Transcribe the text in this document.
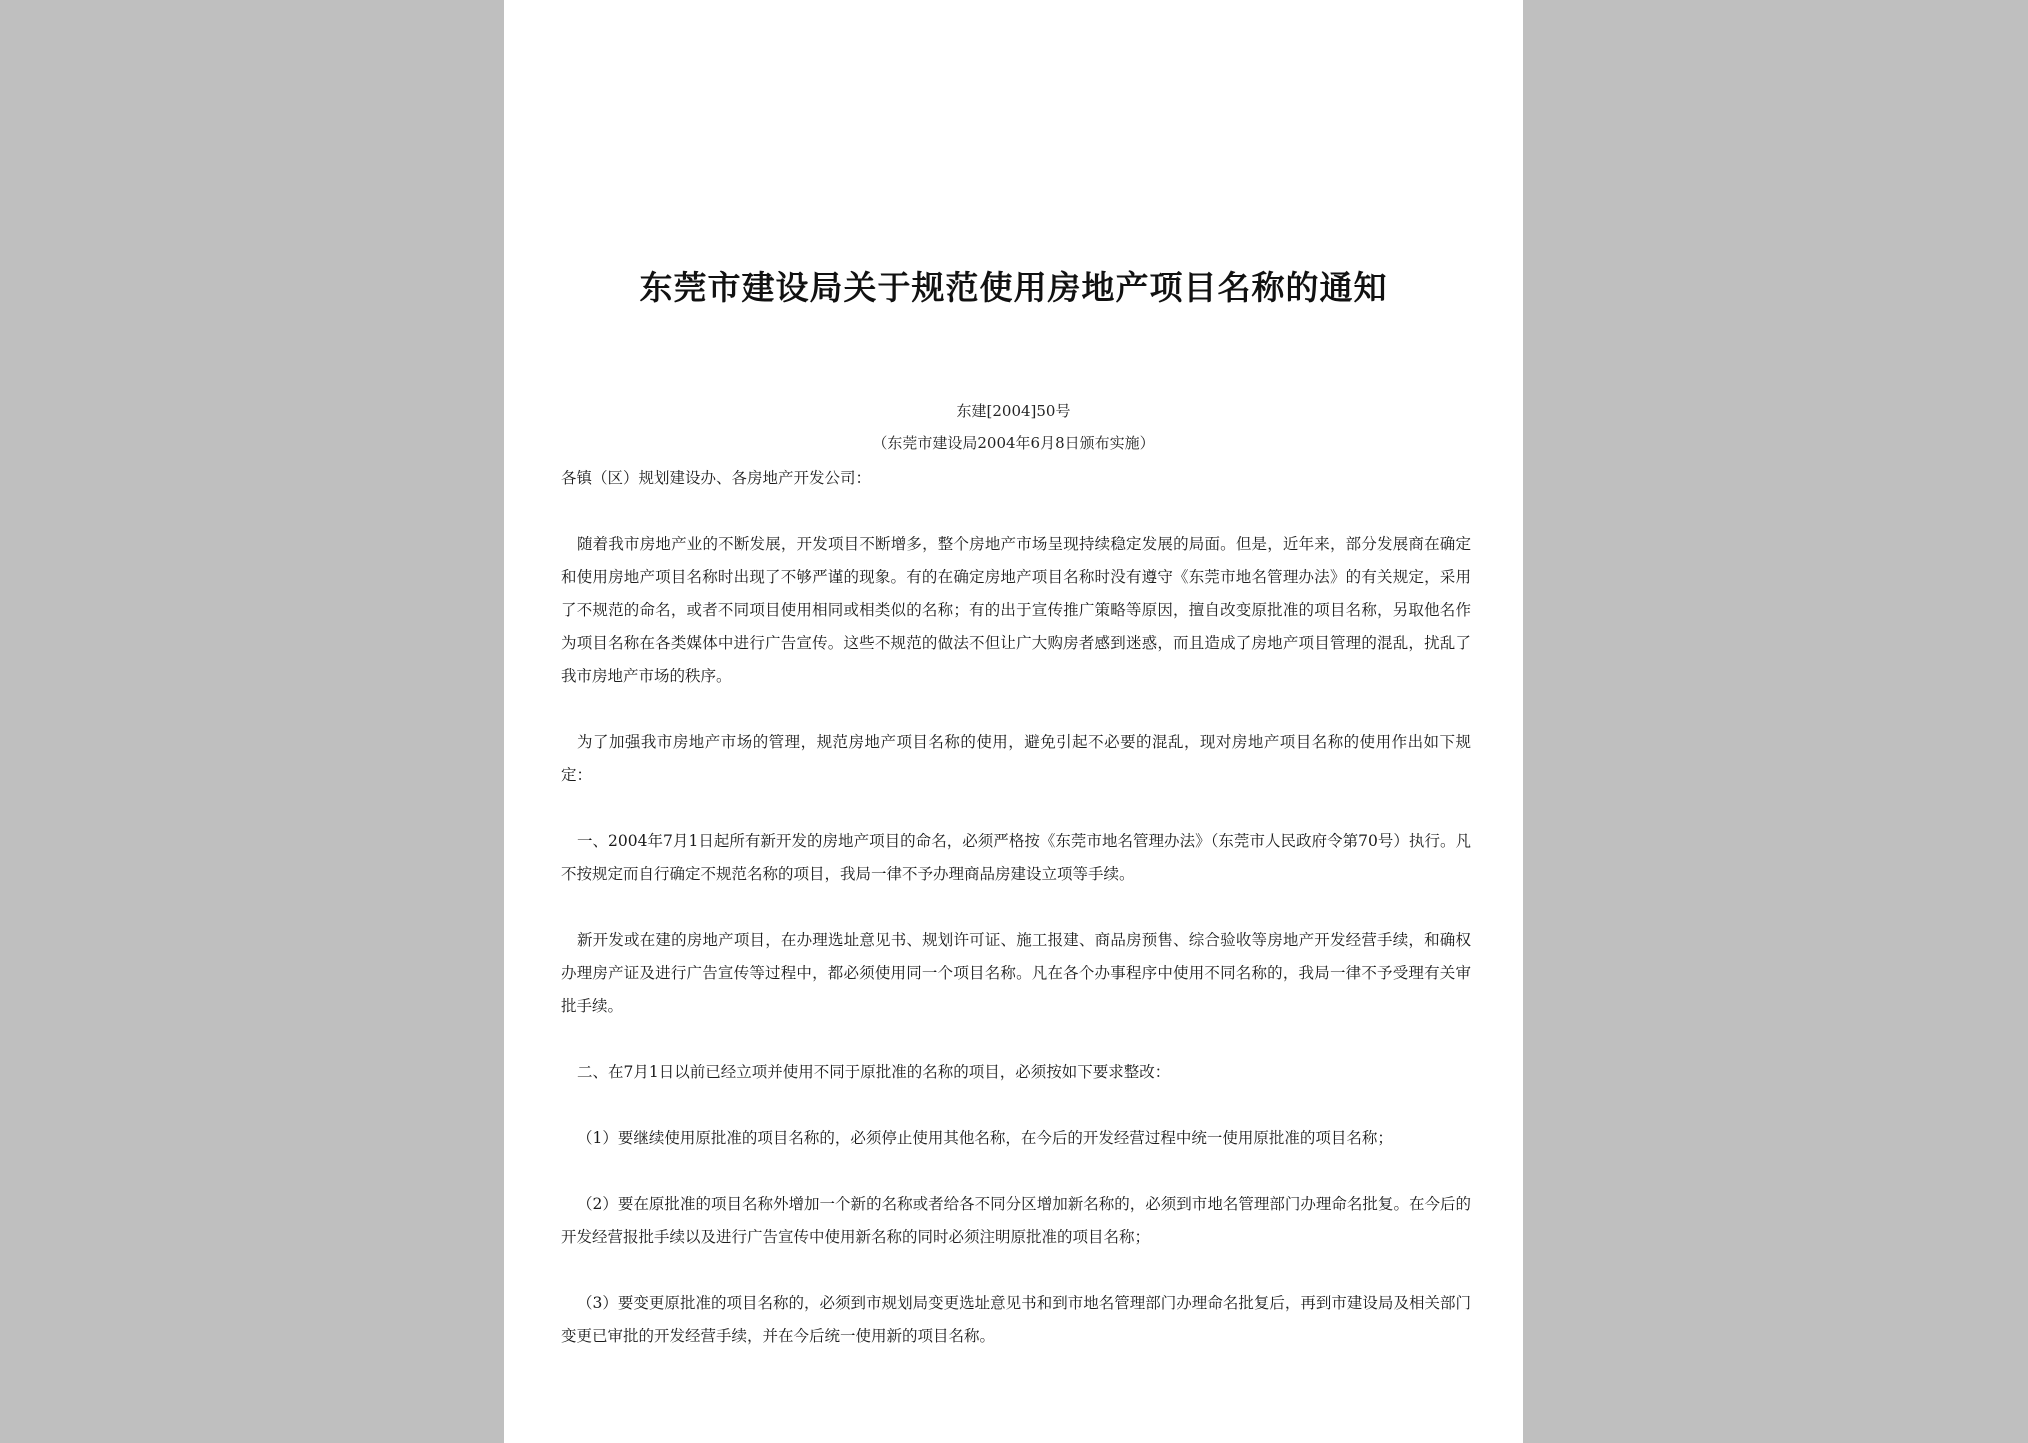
东莞市建设局关于规范使用房地产项目名称的通知
东建[2004]50号
（东莞市建设局2004年6月8日颁布实施）

各镇（区）规划建设办、各房地产开发公司：

随着我市房地产业的不断发展，开发项目不断增多，整个房地产市场呈现持续稳定发展的局面。但是，近年来，部分发展商在确定和使用房地产项目名称时出现了不够严谨的现象。有的在确定房地产项目名称时没有遵守《东莞市地名管理办法》的有关规定，采用了不规范的命名，或者不同项目使用相同或相类似的名称；有的出于宣传推广策略等原因，擅自改变原批准的项目名称，另取他名作为项目名称在各类媒体中进行广告宣传。这些不规范的做法不但让广大购房者感到迷惑，而且造成了房地产项目管理的混乱，扰乱了我市房地产市场的秩序。

为了加强我市房地产市场的管理，规范房地产项目名称的使用，避免引起不必要的混乱，现对房地产项目名称的使用作出如下规定：

一、2004年7月1日起所有新开发的房地产项目的命名，必须严格按《东莞市地名管理办法》（东莞市人民政府令第70号）执行。凡不按规定而自行确定不规范名称的项目，我局一律不予办理商品房建设立项等手续。

新开发或在建的房地产项目，在办理选址意见书、规划许可证、施工报建、商品房预售、综合验收等房地产开发经营手续，和确权办理房产证及进行广告宣传等过程中，都必须使用同一个项目名称。凡在各个办事程序中使用不同名称的，我局一律不予受理有关审批手续。

二、在7月1日以前已经立项并使用不同于原批准的名称的项目，必须按如下要求整改：

（1）要继续使用原批准的项目名称的，必须停止使用其他名称，在今后的开发经营过程中统一使用原批准的项目名称；

（2）要在原批准的项目名称外增加一个新的名称或者给各不同分区增加新名称的，必须到市地名管理部门办理命名批复。在今后的开发经营报批手续以及进行广告宣传中使用新名称的同时必须注明原批准的项目名称；

（3）要变更原批准的项目名称的，必须到市规划局变更选址意见书和到市地名管理部门办理命名批复后，再到市建设局及相关部门变更已审批的开发经营手续，并在今后统一使用新的项目名称。
